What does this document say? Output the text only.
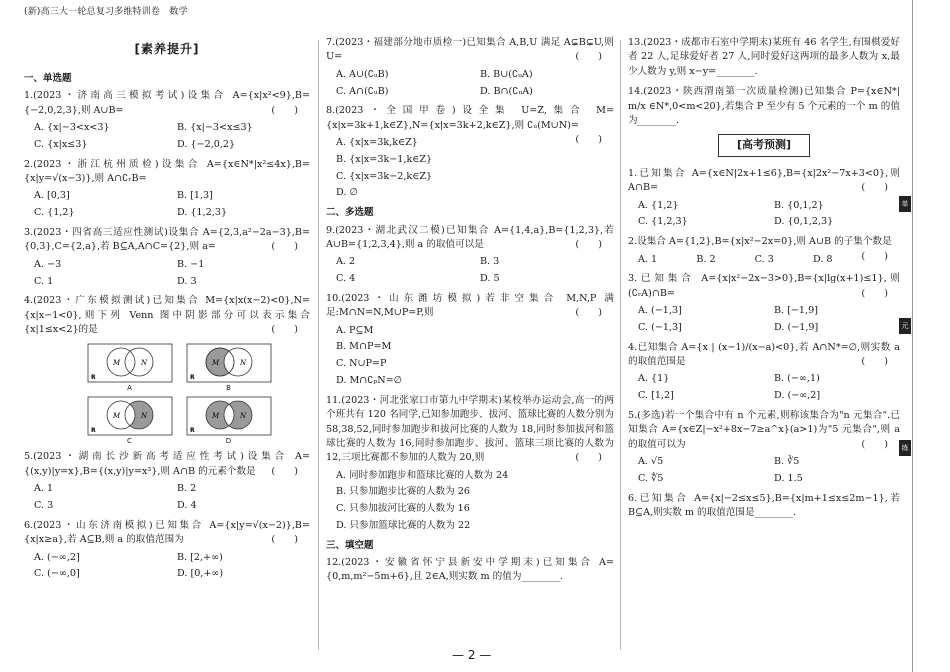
(新)高三大一轮总复习多维特训卷　数学
[素养提升]
一、单选题
1.(2023・济南高三模拟考试)设集合 A={x|x²<9},B={−2,0,2,3},则 A∪B=	(　　)
A. {x|−3<x<3}	B. {x|−3<x≤3}
C. {x|x≤3}	D. {−2,0,2}
2.(2023・浙江杭州质检)设集合 A={x∈N*|x²≤4x},B={x|y=√(x−3)},则 A∩∁ᵣB=
A. [0,3]	B. [1,3]
C. {1,2}	D. {1,2,3}
3.(2023・四省高三适应性测试)设集合 A={2,3,a²−2a−3},B={0,3},C={2,a},若 B⊆A,A∩C={2},则 a=	(　　)
A. −3	B. −1
C. 1	D. 3
4.(2023・广东模拟测试)已知集合 M={x|x(x−2)<0},N={x|x−1<0},则下列 Venn 图中阴影部分可以表示集合{x|1≤x<2}的是	(　　)
M	N
R
A
M	N
R
B
M	N
R
C
M	N
R
D
5.(2023・湖南长沙新高考适应性考试)设集合 A={(x,y)|y=x},B={(x,y)|y=x³},则 A∩B 的元素个数是 (　　)
A. 1	B. 2
C. 3	D. 4
6.(2023・山东济南模拟)已知集合 A={x|y=√(x−2)},B={x|x≥a},若 A⊆B,则 a 的取值范围为	(　　)
A. (−∞,2]	B. [2,+∞)
C. (−∞,0]	D. [0,+∞)
7.(2023・福建部分地市质检一)已知集合 A,B,U 满足 A⊊B⊊U,则 U=	(　　)
A. A∪(∁ᵤB)	B. B∪(∁ᵤA)
C. A∩(∁ᵤB)	D. B∩(∁ᵤA)
8.(2023・全国甲卷)设全集 U=Z,集合 M={x|x=3k+1,k∈Z},N={x|x=3k+2,k∈Z},则 ∁ᵤ(M∪N)=
(　　)
A. {x|x=3k,k∈Z}
B. {x|x=3k−1,k∈Z}
C. {x|x=3k−2,k∈Z}
D. ∅
二、多选题
9.(2023・湖北武汉二模)已知集合 A={1,4,a},B={1,2,3},若 A∪B={1,2,3,4},则 a 的取值可以是	(　　)
A. 2	B. 3
C. 4	D. 5
10.(2023・山东潍坊模拟)若非空集合 M,N,P 满足:M∩N=N,M∪P=P,则	(　　)
A. P⊆M
B. M∩P=M
C. N∪P=P
D. M∩∁ₚN=∅
11.(2023・河北张家口市第九中学期末)某校举办运动会,高一的两个班共有 120 名同学,已知参加跑步、拔河、篮球比赛的人数分别为 58,38,52,同时参加跑步和拔河比赛的人数为 18,同时参加拔河和篮球比赛的人数为 16,同时参加跑步、拔河、篮球三项比赛的人数为 12,三项比赛都不参加的人数为 20,则	(　　)
A. 同时参加跑步和篮球比赛的人数为 24
B. 只参加跑步比赛的人数为 26
C. 只参加拔河比赛的人数为 16
D. 只参加篮球比赛的人数为 22
三、填空题
12.(2023・安徽省怀宁县新安中学期末)已知集合 A={0,m,m²−5m+6},且 2∈A,则实数 m 的值为________.
13.(2023・成都市石室中学期末)某班有 46 名学生,有围棋爱好者 22 人,足球爱好者 27 人,同时爱好这两项的最多人数为 x,最少人数为 y,则 x−y=________.
14.(2023・陕西渭南第一次质量检测)已知集合 P={x∈N*| m/x ∈N*,0<m<20},若集合 P 至少有 5 个元素的一个 m 的值为________.
[高考预测]
1.已知集合 A={x∈N|2x+1≤6},B={x|2x²−7x+3<0},则 A∩B=	(　　)
A. {1,2}	B. {0,1,2}
C. {1,2,3}	D. {0,1,2,3}
2.设集合 A={1,2},B={x|x²−2x=0},则 A∪B 的子集个数是
(　　)
A. 1	B. 2	C. 3	D. 8
3.已知集合 A={x|x²−2x−3>0},B={x|lg(x+1)≤1},则 (∁ᵣA)∩B=	(　　)
A. (−1,3]	B. [−1,9]
C. (−1,3]	D. (−1,9]
4.已知集合 A={x | (x−1)/(x−a)<0},若 A∩N*=∅,则实数 a 的取值范围是	(　　)
A. {1}	B. (−∞,1)
C. [1,2]	D. (−∞,2]
5.(多选)若一个集合中有 n 个元素,则称该集合为"n 元集合".已知集合 A={x∈Z|−x²+8x−7≥a^x}(a>1)为"5 元集合",则 a 的取值可以为	(　　)
A. √5	B. ∛5
C. ∜5	D. 1.5
6.已知集合 A={x|−2≤x≤5},B={x|m+1≤x≤2m−1},若 B⊆A,则实数 m 的取值范围是________.
单
元
练
— 2 —
